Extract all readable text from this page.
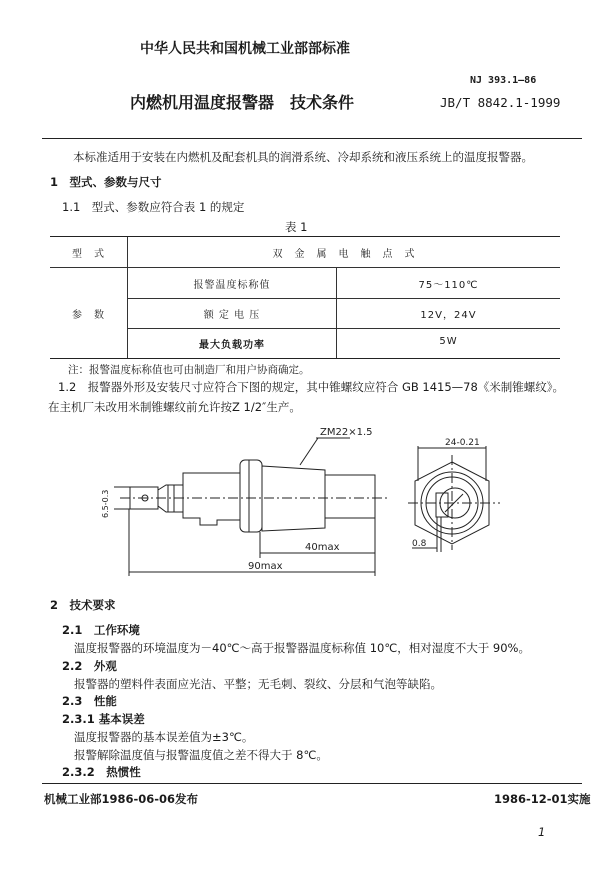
中华人民共和国机械工业部部标准
NJ 393.1—86
内燃机用温度报警器　技术条件	JB/T 8842.1-1999
本标准适用于安装在内燃机及配套机具的润滑系统、冷却系统和液压系统上的温度报警器。
1　型式、参数与尺寸
1.1　型式、参数应符合表 1 的规定
表 1
型　式	双　金　属　电　触　点　式
参　数
报警温度标称值	75～110℃
额 定 电 压	12V，24V
最大负载功率	5W
注：报警温度标称值也可由制造厂和用户协商确定。
1.2　报警器外形及安装尺寸应符合下图的规定，其中锥螺纹应符合 GB 1415—78《米制锥螺纹》。
在主机厂未改用米制锥螺纹前允许按Z 1/2″生产。
ZM22×1.5
40max
90max
6.5-0.3
24-0.21
0.8
2　技术要求
2.1　工作环境
温度报警器的环境温度为－40℃～高于报警器温度标称值 10℃，相对湿度不大于 90%。
2.2　外观
报警器的塑料件表面应光洁、平整；无毛刺、裂纹、分层和气泡等缺陷。
2.3　性能
2.3.1 基本误差
温度报警器的基本误差值为±3℃。
报警解除温度值与报警温度值之差不得大于 8℃。
2.3.2　热惯性
机械工业部1986-06-06发布	1986-12-01实施
1
